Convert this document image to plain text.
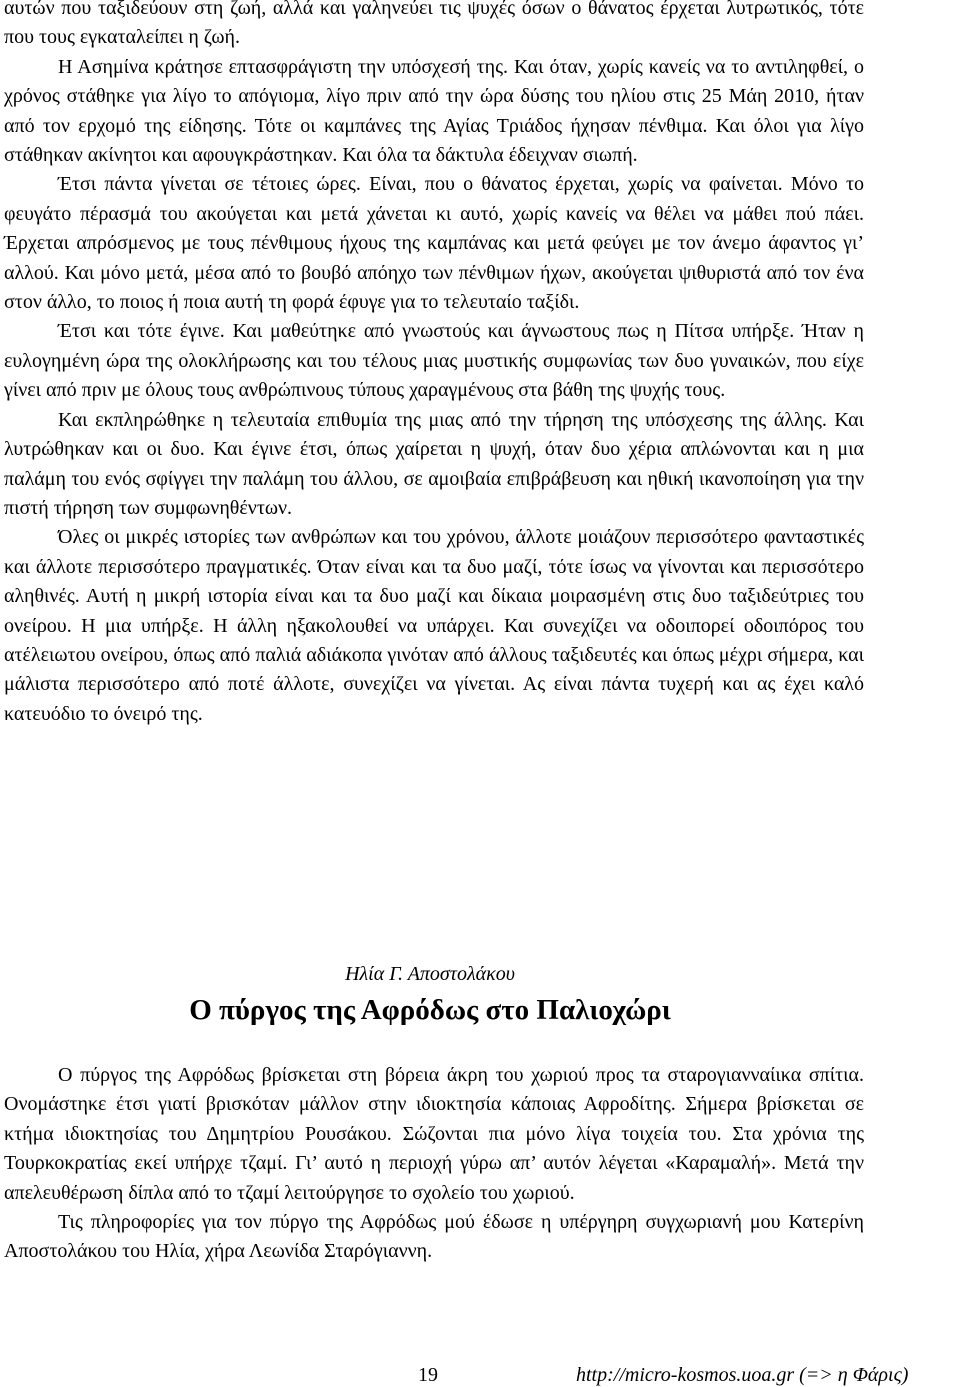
αυτών που ταξιδεύουν στη ζωή, αλλά και γαληνεύει τις ψυχές όσων ο θάνατος έρχεται λυτρωτικός, τότε που τους εγκαταλείπει η ζωή.

Η Ασημίνα κράτησε επτασφράγιστη την υπόσχεσή της. Και όταν, χωρίς κανείς να το αντιληφθεί, ο χρόνος στάθηκε για λίγο το απόγιομα, λίγο πριν από την ώρα δύσης του ηλίου στις 25 Μάη 2010, ήταν από τον ερχομό της είδησης. Τότε οι καμπάνες της Αγίας Τριάδος ήχησαν πένθιμα. Και όλοι για λίγο στάθηκαν ακίνητοι και αφουγκράστηκαν. Και όλα τα δάκτυλα έδειχναν σιωπή.

Έτσι πάντα γίνεται σε τέτοιες ώρες. Είναι, που ο θάνατος έρχεται, χωρίς να φαίνεται. Μόνο το φευγάτο πέρασμά του ακούγεται και μετά χάνεται κι αυτό, χωρίς κανείς να θέλει να μάθει πού πάει. Έρχεται απρόσμενος με τους πένθιμους ήχους της καμπάνας και μετά φεύγει με τον άνεμο άφαντος γι’ αλλού. Και μόνο μετά, μέσα από το βουβό απόηχο των πένθιμων ήχων, ακούγεται ψιθυριστά από τον ένα στον άλλο, το ποιος ή ποια αυτή τη φορά έφυγε για το τελευταίο ταξίδι.

Έτσι και τότε έγινε. Και μαθεύτηκε από γνωστούς και άγνωστους πως η Πίτσα υπήρξε. Ήταν η ευλογημένη ώρα της ολοκλήρωσης και του τέλους μιας μυστικής συμφωνίας των δυο γυναικών, που είχε γίνει από πριν με όλους τους ανθρώπινους τύπους χαραγμένους στα βάθη της ψυχής τους.

Και εκπληρώθηκε η τελευταία επιθυμία της μιας από την τήρηση της υπόσχεσης της άλλης. Και λυτρώθηκαν και οι δυο. Και έγινε έτσι, όπως χαίρεται η ψυχή, όταν δυο χέρια απλώνονται και η μια παλάμη του ενός σφίγγει την παλάμη του άλλου, σε αμοιβαία επιβράβευση και ηθική ικανοποίηση για την πιστή τήρηση των συμφωνηθέντων.

Όλες οι μικρές ιστορίες των ανθρώπων και του χρόνου, άλλοτε μοιάζουν περισσότερο φανταστικές και άλλοτε περισσότερο πραγματικές. Όταν είναι και τα δυο μαζί, τότε ίσως να γίνονται και περισσότερο αληθινές. Αυτή η μικρή ιστορία είναι και τα δυο μαζί και δίκαια μοιρασμένη στις δυο ταξιδεύτριες του ονείρου. Η μια υπήρξε. Η άλλη ηξακολουθεί να υπάρχει. Και συνεχίζει να οδοιπορεί οδοιπόρος του ατέλειωτου ονείρου, όπως από παλιά αδιάκοπα γινόταν από άλλους ταξιδευτές και όπως μέχρι σήμερα, και μάλιστα περισσότερο από ποτέ άλλοτε, συνεχίζει να γίνεται. Ας είναι πάντα τυχερή και ας έχει καλό κατευόδιο το όνειρό της.

Ηλία Γ. Αποστολάκου
Ο πύργος της Αφρόδως στο Παλιοχώρι

Ο πύργος της Αφρόδως βρίσκεται στη βόρεια άκρη του χωριού προς τα σταρογιανναίικα σπίτια. Ονομάστηκε έτσι γιατί βρισκόταν μάλλον στην ιδιοκτησία κάποιας Αφροδίτης. Σήμερα βρίσκεται σε κτήμα ιδιοκτησίας του Δημητρίου Ρουσάκου. Σώζονται πια μόνο λίγα τοιχεία του. Στα χρόνια της Τουρκοκρατίας εκεί υπήρχε τζαμί. Γι’ αυτό η περιοχή γύρω απ’ αυτόν λέγεται «Καραμαλή». Μετά την απελευθέρωση δίπλα από το τζαμί λειτούργησε το σχολείο του χωριού.

Τις πληροφορίες για τον πύργο της Αφρόδως μού έδωσε η υπέργηρη συγχωριανή μου Κατερίνη Αποστολάκου του Ηλία, χήρα Λεωνίδα Σταρόγιαννη.

19	http://micro-kosmos.uoa.gr (=> η Φάρις)
